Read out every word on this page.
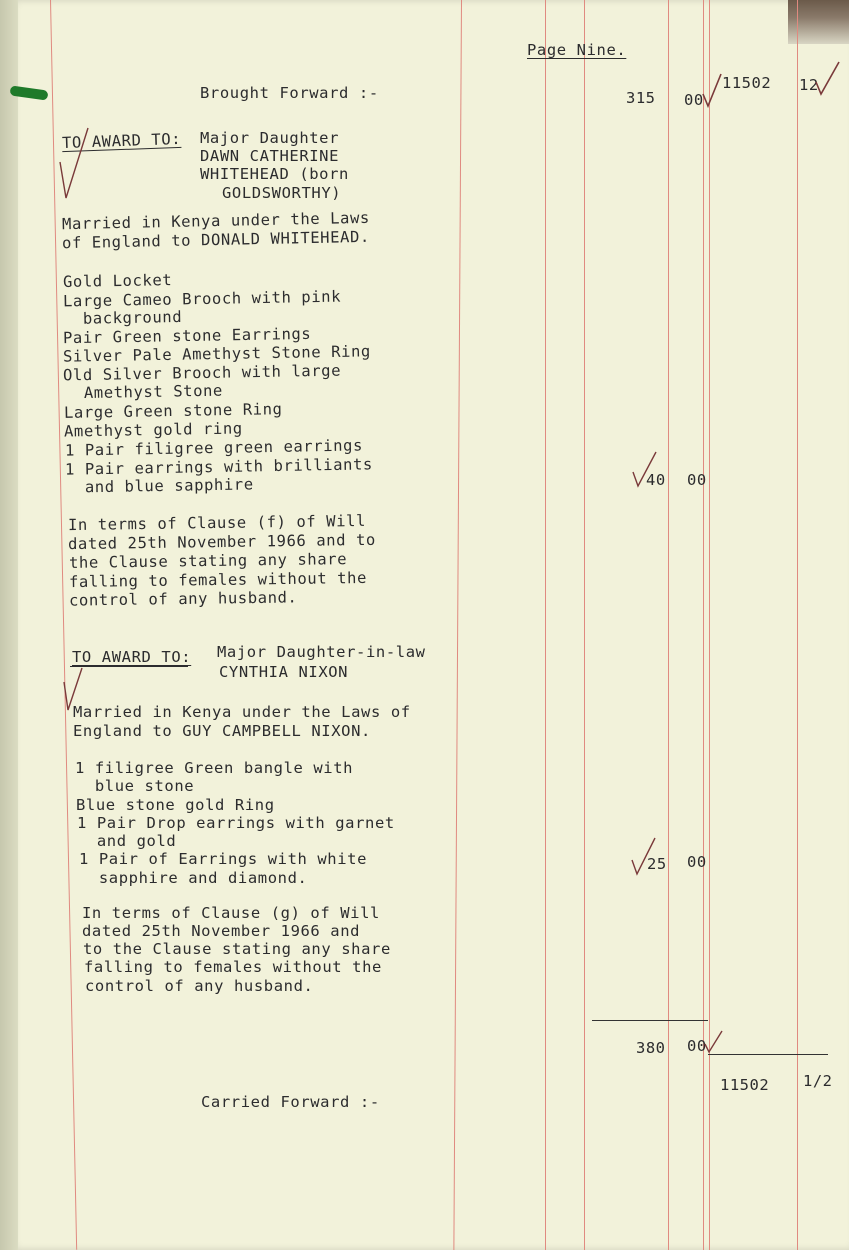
Page Nine.
Brought Forward :-	315 00
11502 12
TO AWARD TO: Major Daughter
DAWN CATHERINE
WHITEHEAD (born
GOLDSWORTHY)
Married in Kenya under the Laws
of England to DONALD WHITEHEAD.
Gold Locket
Large Cameo Brooch with pink
background
Pair Green stone Earrings
Silver Pale Amethyst Stone Ring
Old Silver Brooch with large
Amethyst Stone
Large Green stone Ring
Amethyst gold ring
1 Pair filigree green earrings
1 Pair earrings with brilliants
and blue sapphire	40 00
In terms of Clause (f) of Will
dated 25th November 1966 and to
the Clause stating any share
falling to females without the
control of any husband.
TO AWARD TO: Major Daughter-in-law
CYNTHIA NIXON
Married in Kenya under the Laws of
England to GUY CAMPBELL NIXON.
1 filigree Green bangle with
blue stone
Blue stone gold Ring
1 Pair Drop earrings with garnet
and gold
1 Pair of Earrings with white
sapphire and diamond.
25 00
In terms of Clause (g) of Will
dated 25th November 1966 and
to the Clause stating any share
falling to females without the
control of any husband.
380 00
Carried Forward :-
11502 1/2
